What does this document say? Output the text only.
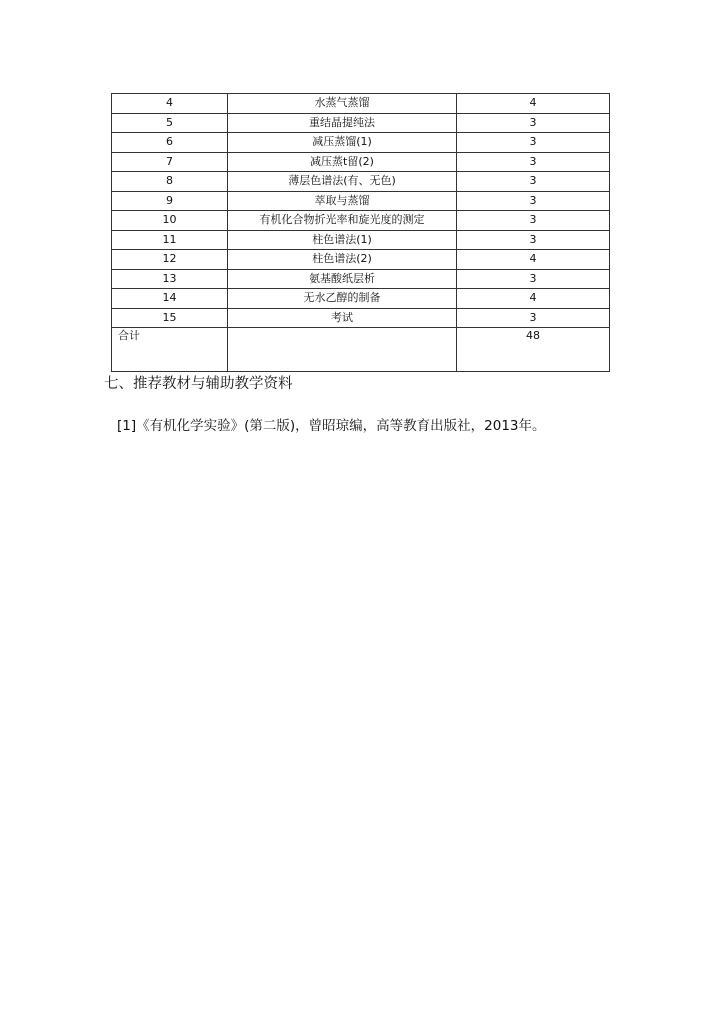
4	水蒸气蒸馏	4
5	重结晶提纯法	3
6	减压蒸馏(1)	3
7	减压蒸t留(2)	3
8	薄层色谱法(有、无色)	3
9	萃取与蒸馏	3
10	有机化合物折光率和旋光度的测定	3
11	柱色谱法(1)	3
12	柱色谱法(2)	4
13	氨基酸纸层析	3
14	无水乙醇的制备	4
15	考试	3
合计		48
七、推荐教材与辅助教学资料
[1]《有机化学实验》(第二版)，曾昭琼编，高等教育出版社，2013年。
